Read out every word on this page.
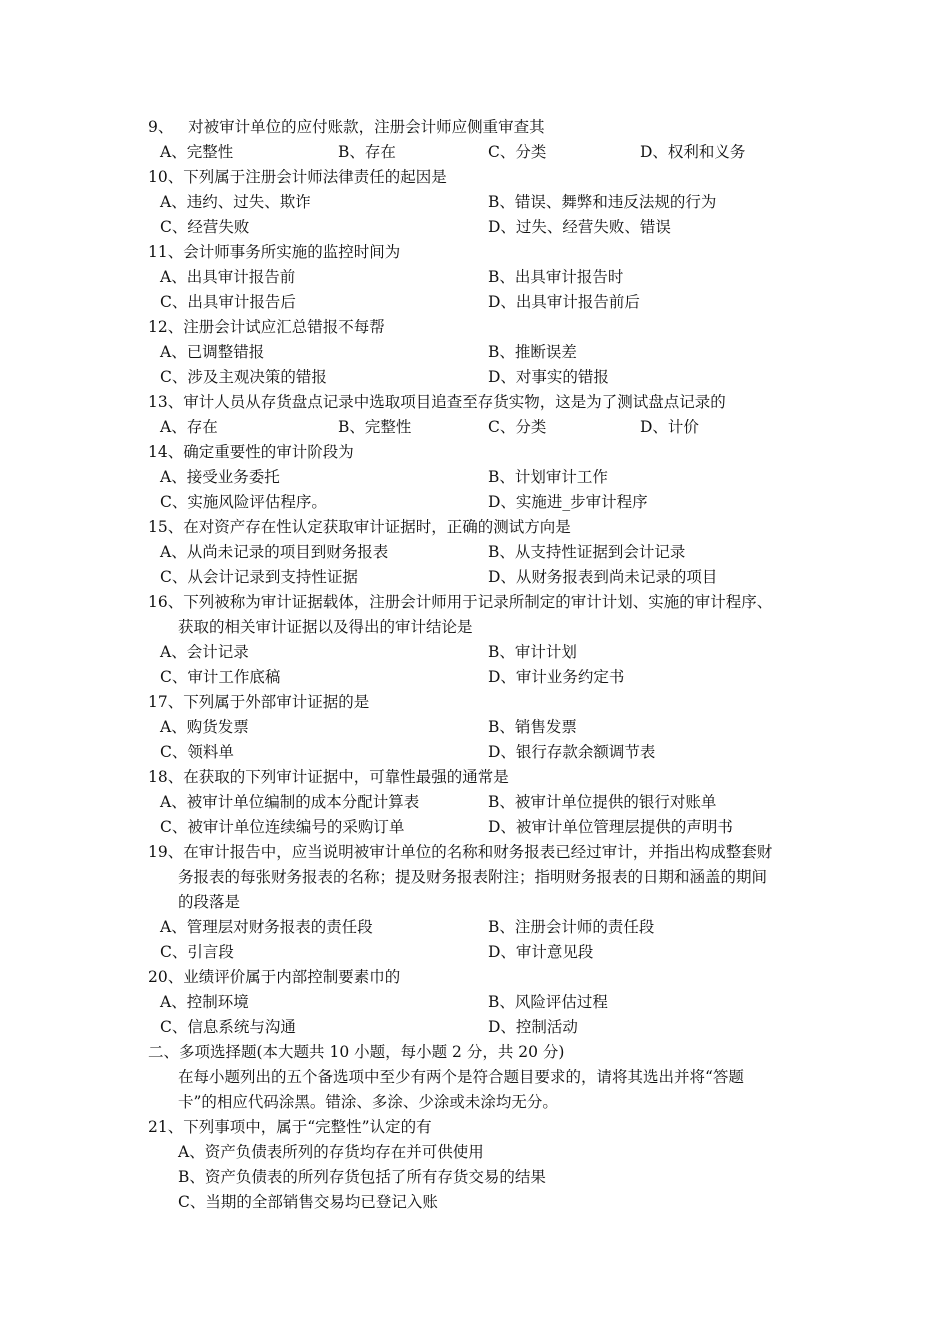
9、   对被审计单位的应付账款，注册会计师应侧重审查其
A、完整性	B、存在	C、分类	D、权利和义务
10、下列属于注册会计师法律责任的起因是
A、违约、过失、欺诈	B、错误、舞弊和违反法规的行为
C、经营失败	D、过失、经营失败、错误
11、会计师事务所实施的监控时间为
A、出具审计报告前	B、出具审计报告时
C、出具审计报告后	D、出具审计报告前后
12、注册会计试应汇总错报不每帮
A、已调整错报	B、推断误差
C、涉及主观决策的错报	D、对事实的错报
13、审计人员从存货盘点记录中选取项目追查至存货实物，这是为了测试盘点记录的
A、存在	B、完整性	C、分类	D、计价
14、确定重要性的审计阶段为
A、接受业务委托	B、计划审计工作
C、实施风险评估程序。	D、实施进_步审计程序
15、在对资产存在性认定获取审计证据时，正确的测试方向是
A、从尚未记录的项目到财务报表	B、从支持性证据到会计记录
C、从会计记录到支持性证据	D、从财务报表到尚未记录的项目
16、下列被称为审计证据载体，注册会计师用于记录所制定的审计计划、实施的审计程序、
获取的相关审计证据以及得出的审计结论是
A、会计记录	B、审计计划
C、审计工作底稿	D、审计业务约定书
17、下列属于外部审计证据的是
A、购货发票	B、销售发票
C、领料单	D、银行存款余额调节表
18、在获取的下列审计证据中，可靠性最强的通常是
A、被审计单位编制的成本分配计算表	B、被审计单位提供的银行对账单
C、被审计单位连续编号的采购订单	D、被审计单位管理层提供的声明书
19、在审计报告中，应当说明被审计单位的名称和财务报表已经过审计，并指出构成整套财
务报表的每张财务报表的名称；提及财务报表附注；指明财务报表的日期和涵盖的期间
的段落是
A、管理层对财务报表的责任段	B、注册会计师的责任段
C、引言段	D、审计意见段
20、业绩评价属于内部控制要素巾的
A、控制环境	B、风险评估过程
C、信息系统与沟通	D、控制活动
二、多项选择题(本大题共 10 小题，每小题 2 分，共 20 分)
在每小题列出的五个备选项中至少有两个是符合题目要求的，请将其选出并将“答题
卡”的相应代码涂黑。错涂、多涂、少涂或未涂均无分。
21、下列事项中，属于“完整性”认定的有
A、资产负债表所列的存货均存在并可供使用
B、资产负债表的所列存货包括了所有存货交易的结果
C、当期的全部销售交易均已登记入账
